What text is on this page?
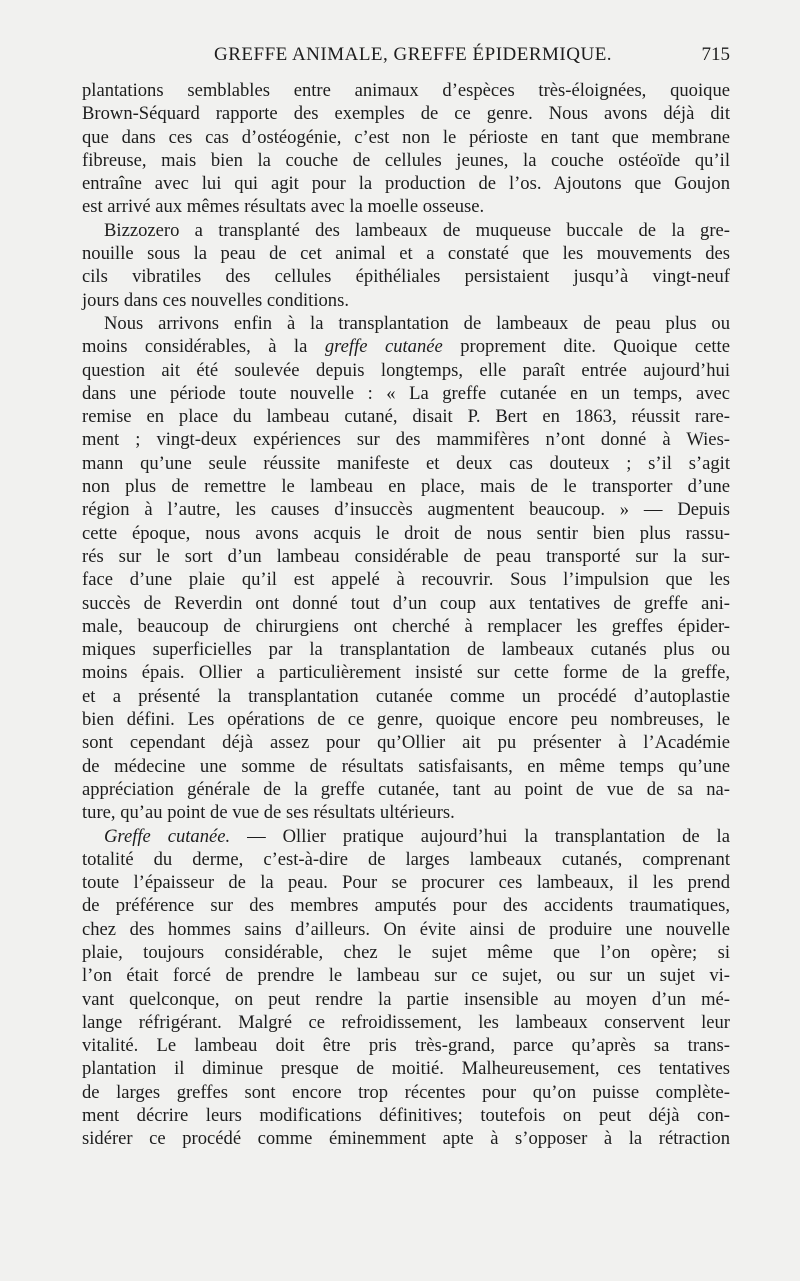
GREFFE ANIMALE, GREFFE ÉPIDERMIQUE.	715
plantations semblables entre animaux d’espèces très-éloignées, quoique
Brown-Séquard rapporte des exemples de ce genre. Nous avons déjà dit
que dans ces cas d’ostéogénie, c’est non le périoste en tant que membrane
fibreuse, mais bien la couche de cellules jeunes, la couche ostéoïde qu’il
entraîne avec lui qui agit pour la production de l’os. Ajoutons que Goujon
est arrivé aux mêmes résultats avec la moelle osseuse.
Bizzozero a transplanté des lambeaux de muqueuse buccale de la gre-
nouille sous la peau de cet animal et a constaté que les mouvements des
cils vibratiles des cellules épithéliales persistaient jusqu’à vingt-neuf
jours dans ces nouvelles conditions.
Nous arrivons enfin à la transplantation de lambeaux de peau plus ou
moins considérables, à la greffe cutanée proprement dite. Quoique cette
question ait été soulevée depuis longtemps, elle paraît entrée aujourd’hui
dans une période toute nouvelle : « La greffe cutanée en un temps, avec
remise en place du lambeau cutané, disait P. Bert en 1863, réussit rare-
ment ; vingt-deux expériences sur des mammifères n’ont donné à Wies-
mann qu’une seule réussite manifeste et deux cas douteux ; s’il s’agit
non plus de remettre le lambeau en place, mais de le transporter d’une
région à l’autre, les causes d’insuccès augmentent beaucoup. » — Depuis
cette époque, nous avons acquis le droit de nous sentir bien plus rassu-
rés sur le sort d’un lambeau considérable de peau transporté sur la sur-
face d’une plaie qu’il est appelé à recouvrir. Sous l’impulsion que les
succès de Reverdin ont donné tout d’un coup aux tentatives de greffe ani-
male, beaucoup de chirurgiens ont cherché à remplacer les greffes épider-
miques superficielles par la transplantation de lambeaux cutanés plus ou
moins épais. Ollier a particulièrement insisté sur cette forme de la greffe,
et a présenté la transplantation cutanée comme un procédé d’autoplastie
bien défini. Les opérations de ce genre, quoique encore peu nombreuses, le
sont cependant déjà assez pour qu’Ollier ait pu présenter à l’Académie
de médecine une somme de résultats satisfaisants, en même temps qu’une
appréciation générale de la greffe cutanée, tant au point de vue de sa na-
ture, qu’au point de vue de ses résultats ultérieurs.
Greffe cutanée. — Ollier pratique aujourd’hui la transplantation de la
totalité du derme, c’est-à-dire de larges lambeaux cutanés, comprenant
toute l’épaisseur de la peau. Pour se procurer ces lambeaux, il les prend
de préférence sur des membres amputés pour des accidents traumatiques,
chez des hommes sains d’ailleurs. On évite ainsi de produire une nouvelle
plaie, toujours considérable, chez le sujet même que l’on opère; si
l’on était forcé de prendre le lambeau sur ce sujet, ou sur un sujet vi-
vant quelconque, on peut rendre la partie insensible au moyen d’un mé-
lange réfrigérant. Malgré ce refroidissement, les lambeaux conservent leur
vitalité. Le lambeau doit être pris très-grand, parce qu’après sa trans-
plantation il diminue presque de moitié. Malheureusement, ces tentatives
de larges greffes sont encore trop récentes pour qu’on puisse complète-
ment décrire leurs modifications définitives; toutefois on peut déjà con-
sidérer ce procédé comme éminemment apte à s’opposer à la rétraction
